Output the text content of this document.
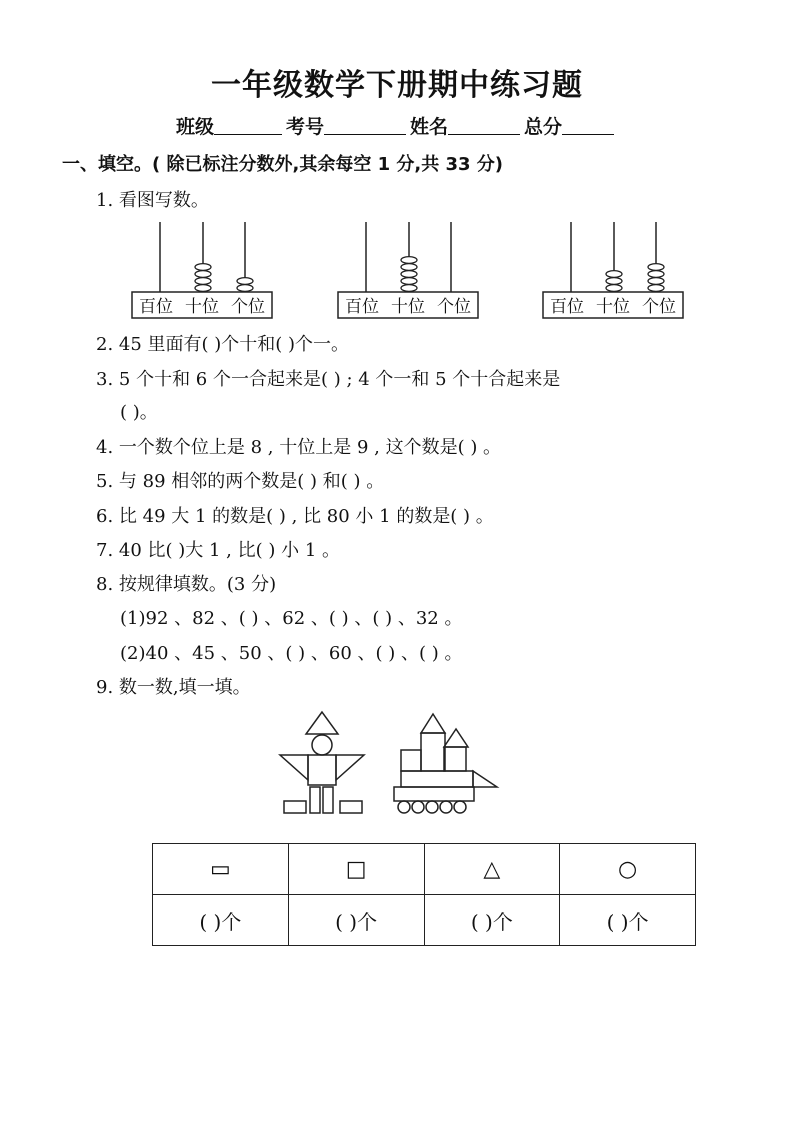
一年级数学下册期中练习题
班级	考号	姓名	总分
一、填空。( 除已标注分数外,其余每空 1 分,共 33 分)
1. 看图写数。
百位 十位 个位	百位 十位 个位	百位 十位 个位
2. 45 里面有( )个十和( )个一。
3. 5 个十和 6 个一合起来是( ) ; 4 个一和 5 个十合起来是
( )。
4. 一个数个位上是 8 , 十位上是 9 , 这个数是( ) 。
5. 与 89 相邻的两个数是( ) 和( ) 。
6. 比 49 大 1 的数是( ) , 比 80 小 1 的数是( ) 。
7. 40 比( )大 1 , 比( ) 小 1 。
8. 按规律填数。(3 分)
(1)92 、82 、( ) 、62 、( ) 、( ) 、32 。
(2)40 、45 、50 、( ) 、60 、( ) 、( ) 。
9. 数一数,填一填。
▭	□	△	○
( )个	( )个	( )个	( )个
